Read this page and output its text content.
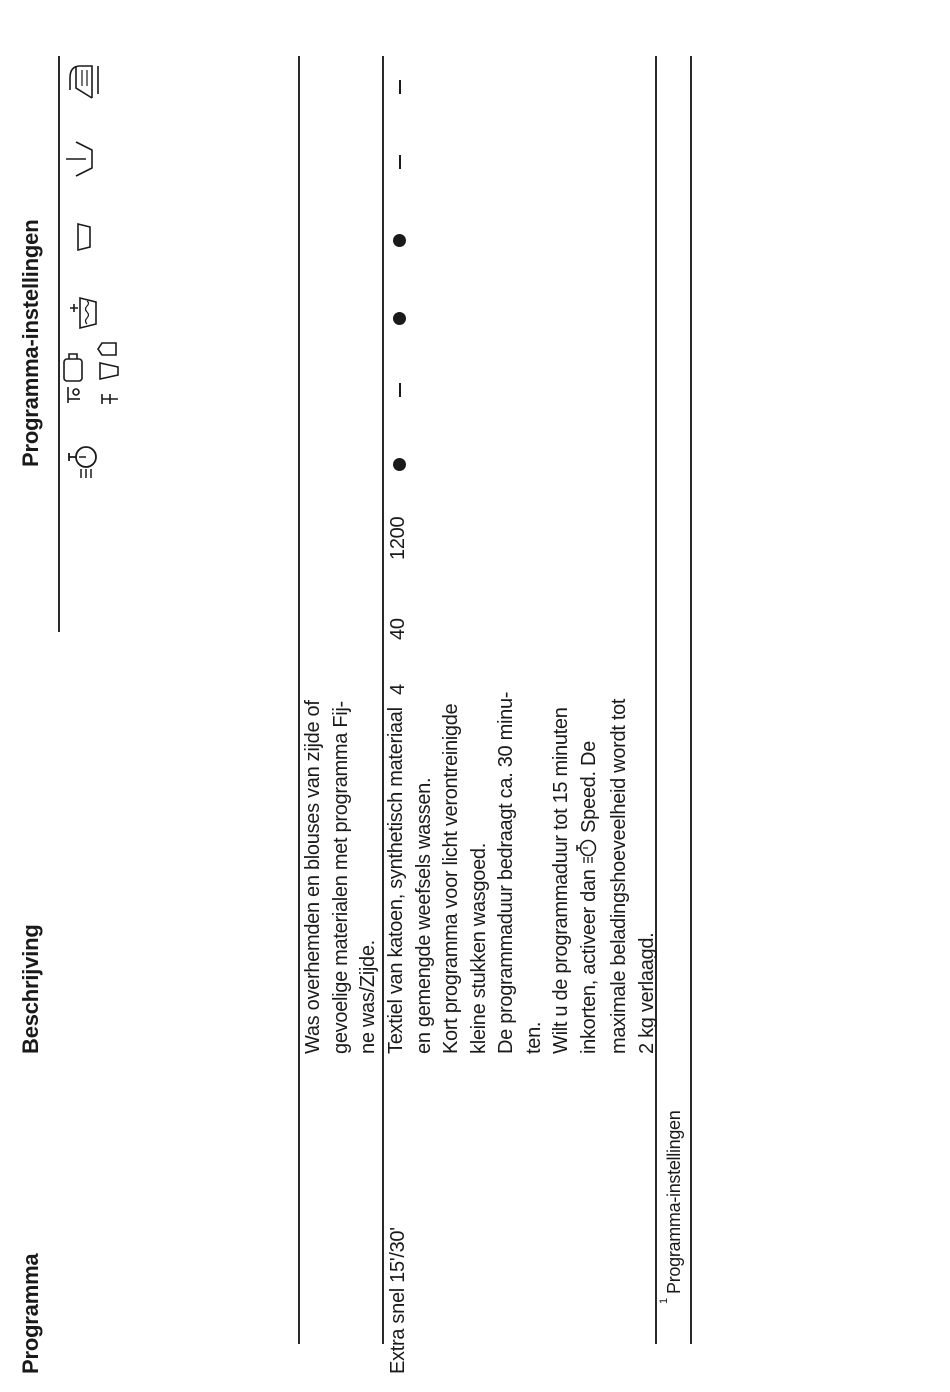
Programma
Beschrijving
Programma-instellingen
Was overhemden en blouses van zijde of gevoelige materialen met programma Fij- ne was/Zijde.
Extra snel 15'/30'
Textiel van katoen, synthetisch materiaal en gemengde weefsels wassen. Kort programma voor licht verontreinigde kleine stukken wasgoed. De programmaduur bedraagt ca. 30 minu- ten. Wilt u de programmaduur tot 15 minuten inkorten, activeer dan  Speed. De maximale beladingshoeveelheid wordt tot 2 kg verlaagd.
4
40
1200
1
Programma-instellingen
